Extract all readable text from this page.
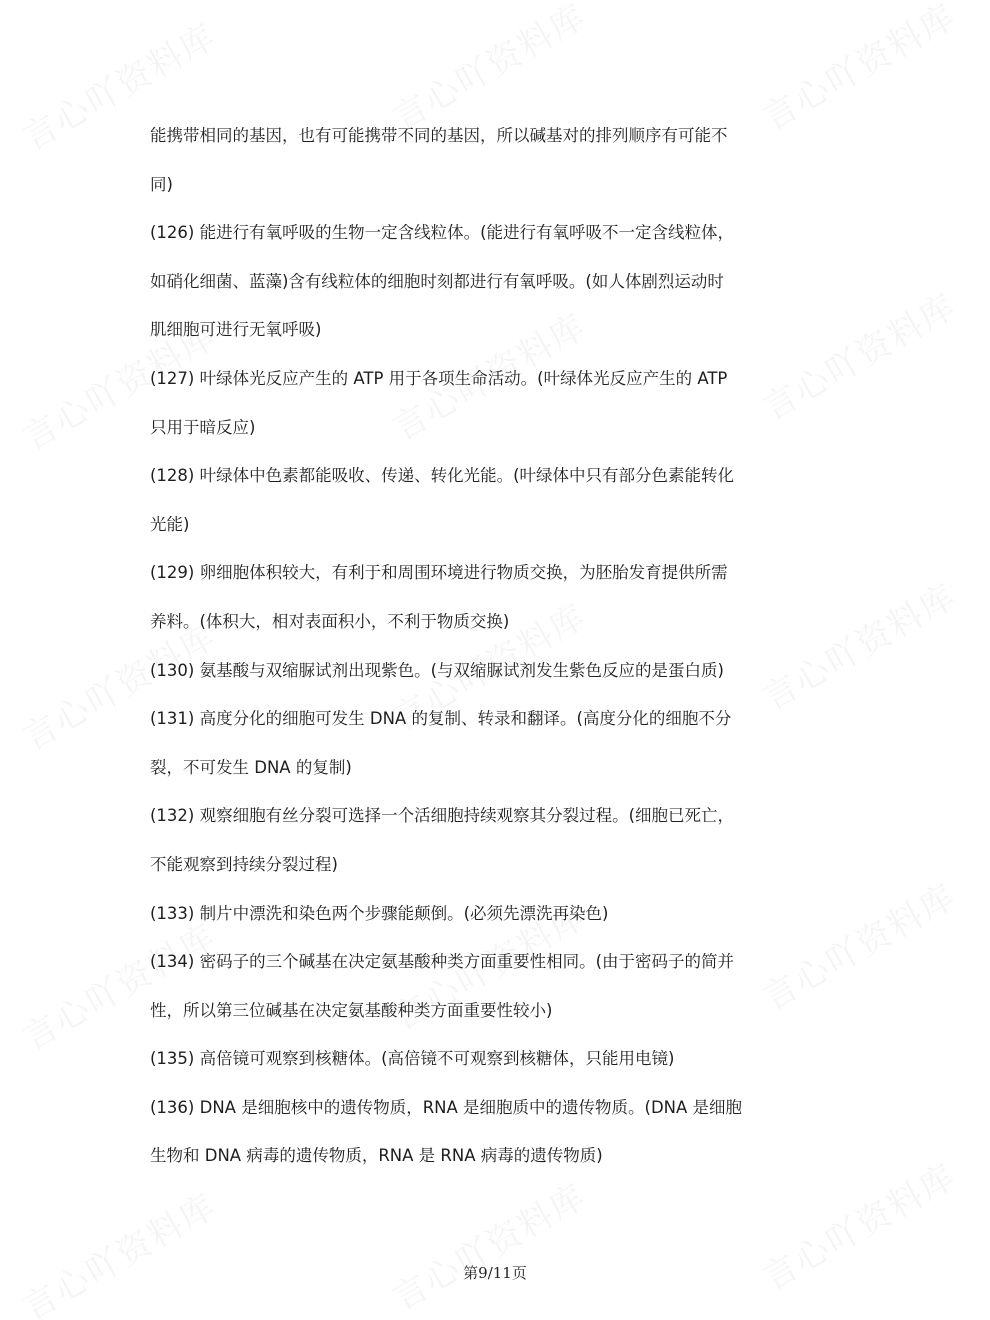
能携带相同的基因，也有可能携带不同的基因，所以碱基对的排列顺序有可能不
同)
(126) 能进行有氧呼吸的生物一定含线粒体。(能进行有氧呼吸不一定含线粒体，
如硝化细菌、蓝藻)含有线粒体的细胞时刻都进行有氧呼吸。(如人体剧烈运动时
肌细胞可进行无氧呼吸)
(127) 叶绿体光反应产生的 ATP 用于各项生命活动。(叶绿体光反应产生的 ATP
只用于暗反应)
(128) 叶绿体中色素都能吸收、传递、转化光能。(叶绿体中只有部分色素能转化
光能)
(129) 卵细胞体积较大，有利于和周围环境进行物质交换，为胚胎发育提供所需
养料。(体积大，相对表面积小，不利于物质交换)
(130) 氨基酸与双缩脲试剂出现紫色。(与双缩脲试剂发生紫色反应的是蛋白质)
(131) 高度分化的细胞可发生 DNA 的复制、转录和翻译。(高度分化的细胞不分
裂，不可发生 DNA 的复制)
(132) 观察细胞有丝分裂可选择一个活细胞持续观察其分裂过程。(细胞已死亡，
不能观察到持续分裂过程)
(133) 制片中漂洗和染色两个步骤能颠倒。(必须先漂洗再染色)
(134) 密码子的三个碱基在决定氨基酸种类方面重要性相同。(由于密码子的简并
性，所以第三位碱基在决定氨基酸种类方面重要性较小)
(135) 高倍镜可观察到核糖体。(高倍镜不可观察到核糖体，只能用电镜)
(136) DNA 是细胞核中的遗传物质，RNA 是细胞质中的遗传物质。(DNA 是细胞
生物和 DNA 病毒的遗传物质，RNA 是 RNA 病毒的遗传物质)
第9/11页
